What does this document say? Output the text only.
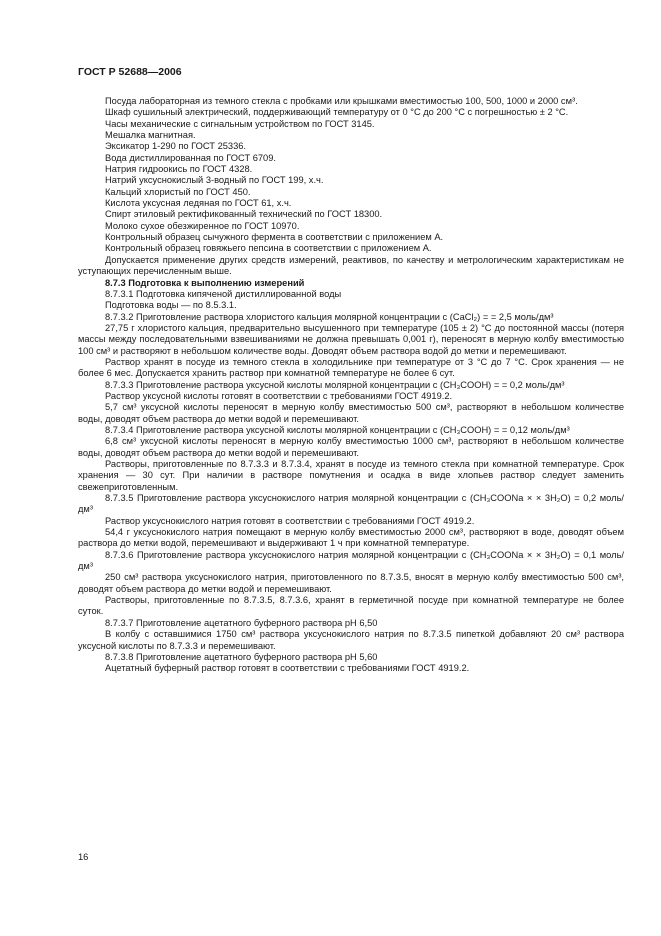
ГОСТ Р 52688—2006

Посуда лабораторная из темного стекла с пробками или крышками вместимостью 100, 500, 1000 и 2000 см³.

Шкаф сушильный электрический, поддерживающий температуру от 0 °С до 200 °С с погрешностью ± 2 °С.

Часы механические с сигнальным устройством по ГОСТ 3145.

Мешалка магнитная.

Эксикатор 1-290 по ГОСТ 25336.

Вода дистиллированная по ГОСТ 6709.

Натрия гидроокись по ГОСТ 4328.

Натрий уксуснокислый 3-водный по ГОСТ 199, х.ч.

Кальций хлористый по ГОСТ 450.

Кислота уксусная ледяная по ГОСТ 61, х.ч.

Спирт этиловый ректификованный технический по ГОСТ 18300.

Молоко сухое обезжиренное по ГОСТ 10970.

Контрольный образец сычужного фермента в соответствии с приложением А.

Контрольный образец говяжьего пепсина в соответствии с приложением А.

Допускается применение других средств измерений, реактивов, по качеству и метрологическим характеристикам не уступающих перечисленным выше.

8.7.3 Подготовка к выполнению измерений

8.7.3.1 Подготовка кипяченой дистиллированной воды

Подготовка воды — по 8.5.3.1.

8.7.3.2 Приготовление раствора хлористого кальция молярной концентрации c (CaCl₂) = = 2,5 моль/дм³

27,75 г хлористого кальция, предварительно высушенного при температуре (105 ± 2) °С до постоянной массы (потеря массы между последовательными взвешиваниями не должна превышать 0,001 г), переносят в мерную колбу вместимостью 100 см³ и растворяют в небольшом количестве воды. Доводят объем раствора водой до метки и перемешивают.

Раствор хранят в посуде из темного стекла в холодильнике при температуре от 3 °С до 7 °С. Срок хранения — не более 6 мес. Допускается хранить раствор при комнатной температуре не более 6 сут.

8.7.3.3 Приготовление раствора уксусной кислоты молярной концентрации c (CH₃COOH) = = 0,2 моль/дм³

Раствор уксусной кислоты готовят в соответствии с требованиями ГОСТ 4919.2.

5,7 см³ уксусной кислоты переносят в мерную колбу вместимостью 500 см³, растворяют в небольшом количестве воды, доводят объем раствора до метки водой и перемешивают.

8.7.3.4 Приготовление раствора уксусной кислоты молярной концентрации c (CH₃COOH) = = 0,12 моль/дм³

6,8 см³ уксусной кислоты переносят в мерную колбу вместимостью 1000 см³, растворяют в небольшом количестве воды, доводят объем раствора до метки водой и перемешивают.

Растворы, приготовленные по 8.7.3.3 и 8.7.3.4, хранят в посуде из темного стекла при комнатной температуре. Срок хранения — 30 сут. При наличии в растворе помутнения и осадка в виде хлопьев раствор следует заменить свежеприготовленным.

8.7.3.5 Приготовление раствора уксуснокислого натрия молярной концентрации c (CH₃COONa × × 3H₂O) = 0,2 моль/дм³

Раствор уксуснокислого натрия готовят в соответствии с требованиями ГОСТ 4919.2.

54,4 г уксуснокислого натрия помещают в мерную колбу вместимостью 2000 см³, растворяют в воде, доводят объем раствора до метки водой, перемешивают и выдерживают 1 ч при комнатной температуре.

8.7.3.6 Приготовление раствора уксуснокислого натрия молярной концентрации c (CH₃COONa × × 3H₂O) = 0,1 моль/дм³

250 см³ раствора уксуснокислого натрия, приготовленного по 8.7.3.5, вносят в мерную колбу вместимостью 500 см³, доводят объем раствора до метки водой и перемешивают.

Растворы, приготовленные по 8.7.3.5, 8.7.3.6, хранят в герметичной посуде при комнатной температуре не более суток.

8.7.3.7 Приготовление ацетатного буферного раствора рН 6,50

В колбу с оставшимися 1750 см³ раствора уксуснокислого натрия по 8.7.3.5 пипеткой добавляют 20 см³ раствора уксусной кислоты по 8.7.3.3 и перемешивают.

8.7.3.8 Приготовление ацетатного буферного раствора рН 5,60

Ацетатный буферный раствор готовят в соответствии с требованиями ГОСТ 4919.2.

16
